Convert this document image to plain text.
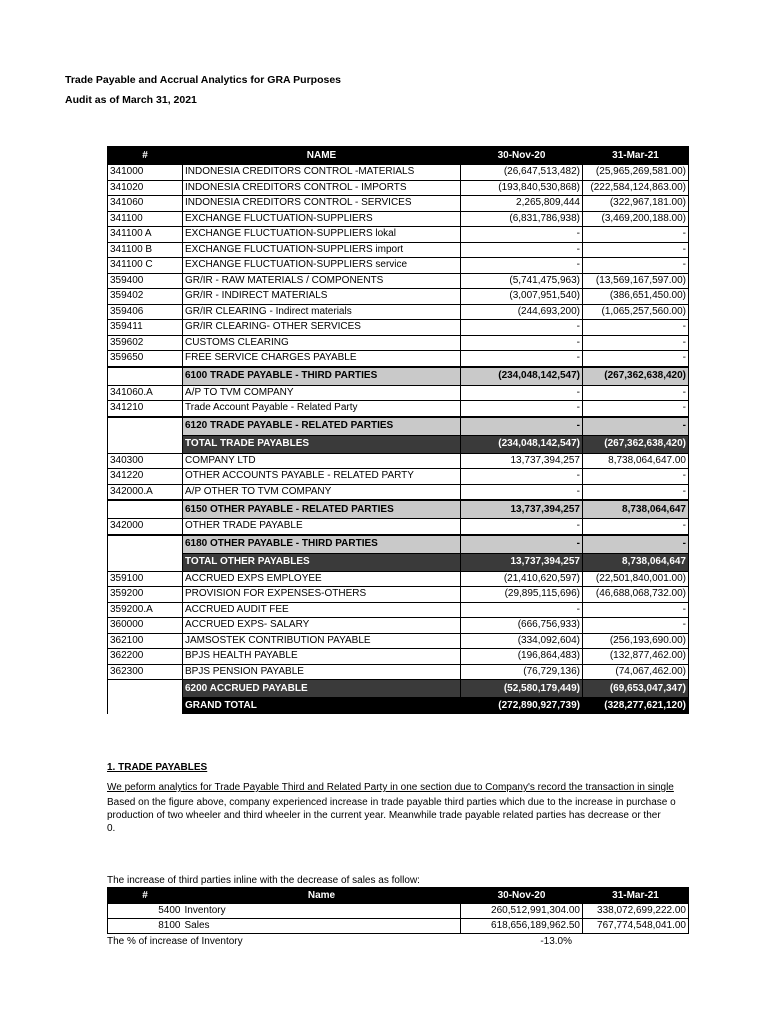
Trade Payable and Accrual Analytics for GRA Purposes
Audit as of March 31, 2021
#	NAME	30-Nov-20	31-Mar-21
341000	INDONESIA CREDITORS CONTROL -MATERIALS	(26,647,513,482)	(25,965,269,581.00)
341020	INDONESIA CREDITORS CONTROL - IMPORTS	(193,840,530,868)	(222,584,124,863.00)
341060	INDONESIA CREDITORS CONTROL - SERVICES	2,265,809,444	(322,967,181.00)
341100	EXCHANGE FLUCTUATION-SUPPLIERS	(6,831,786,938)	(3,469,200,188.00)
341100 A	EXCHANGE FLUCTUATION-SUPPLIERS lokal	-	-
341100 B	EXCHANGE FLUCTUATION-SUPPLIERS import	-	-
341100 C	EXCHANGE FLUCTUATION-SUPPLIERS service	-	-
359400	GR/IR - RAW MATERIALS / COMPONENTS	(5,741,475,963)	(13,569,167,597.00)
359402	GR/IR - INDIRECT MATERIALS	(3,007,951,540)	(386,651,450.00)
359406	GR/IR CLEARING - Indirect materials	(244,693,200)	(1,065,257,560.00)
359411	GR/IR CLEARING- OTHER SERVICES	-	-
359602	CUSTOMS CLEARING	-	-
359650	FREE SERVICE CHARGES PAYABLE	-	-
	6100 TRADE PAYABLE - THIRD PARTIES	(234,048,142,547)	(267,362,638,420)
341060.A	A/P TO TVM COMPANY	-	-
341210	Trade Account Payable - Related Party	-	-
	6120 TRADE PAYABLE - RELATED PARTIES	-	-
	TOTAL TRADE PAYABLES	(234,048,142,547)	(267,362,638,420)
340300	COMPANY LTD	13,737,394,257	8,738,064,647.00
341220	OTHER ACCOUNTS PAYABLE - RELATED PARTY	-	-
342000.A	A/P OTHER TO TVM COMPANY	-	-
	6150 OTHER PAYABLE - RELATED PARTIES	13,737,394,257	8,738,064,647
342000	OTHER TRADE PAYABLE	-	-
	6180 OTHER PAYABLE - THIRD PARTIES	-	-
	TOTAL OTHER PAYABLES	13,737,394,257	8,738,064,647
359100	ACCRUED EXPS EMPLOYEE	(21,410,620,597)	(22,501,840,001.00)
359200	PROVISION FOR EXPENSES-OTHERS	(29,895,115,696)	(46,688,068,732.00)
359200.A	ACCRUED AUDIT FEE	-	-
360000	ACCRUED EXPS- SALARY	(666,756,933)	-
362100	JAMSOSTEK CONTRIBUTION PAYABLE	(334,092,604)	(256,193,690.00)
362200	BPJS HEALTH PAYABLE	(196,864,483)	(132,877,462.00)
362300	BPJS PENSION PAYABLE	(76,729,136)	(74,067,462.00)
	6200 ACCRUED PAYABLE	(52,580,179,449)	(69,653,047,347)
	GRAND TOTAL	(272,890,927,739)	(328,277,621,120)
1. TRADE PAYABLES
We peform analytics for Trade Payable Third and Related Party in one section due to Company's record the transaction in single
Based on the figure above, company experienced increase in trade payable third parties which due to the increase in purchase o
production of two wheeler and third wheeler in the current year. Meanwhile trade payable related parties has decrease or ther
0.
The increase of third parties inline with the decrease of sales as follow:
#	Name	30-Nov-20	31-Mar-21
5400	Inventory	260,512,991,304.00	338,072,699,222.00
8100	Sales	618,656,189,962.50	767,774,548,041.00
The % of increase of Inventory	-13.0%
